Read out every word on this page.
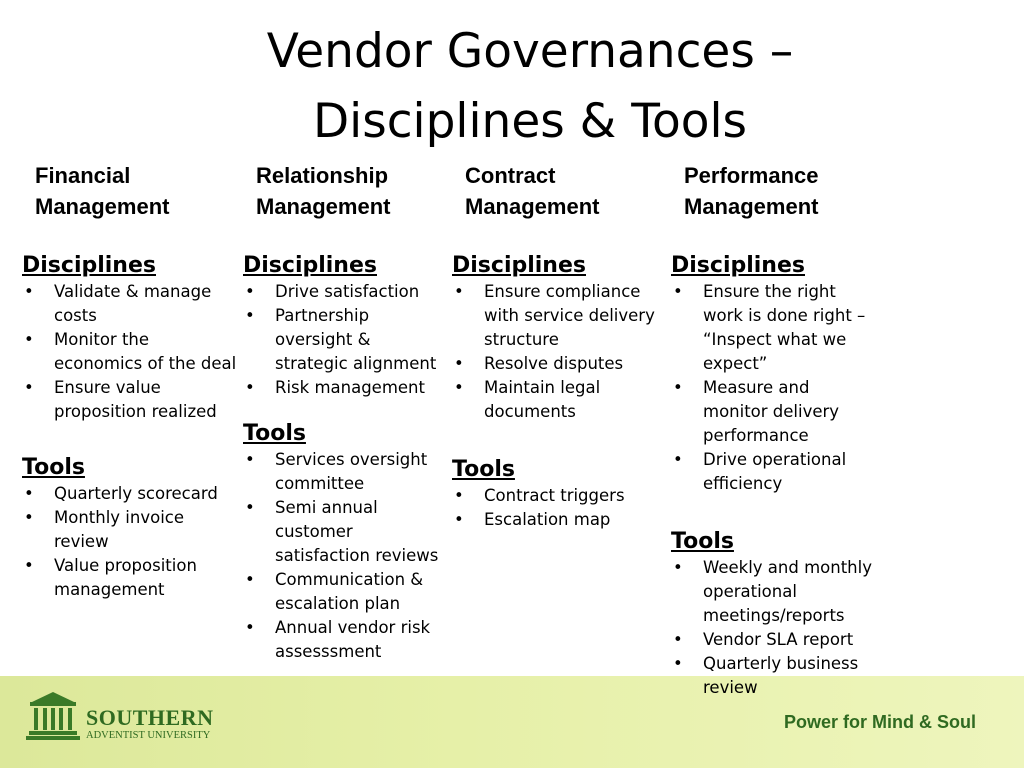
Vendor Governances –
Disciplines & Tools
Financial
Management
Relationship
Management
Contract
Management
Performance
Management
SOUTHERN
ADVENTIST UNIVERSITY
Power for Mind & Soul
Disciplines
• Validate & manage costs
• Monitor the economics of the deal
• Ensure value proposition realized
Tools
• Quarterly scorecard
• Monthly invoice review
• Value proposition management
Disciplines
• Drive satisfaction
• Partnership oversight & strategic alignment
• Risk management
Tools
• Services oversight committee
• Semi annual customer satisfaction reviews
• Communication & escalation plan
• Annual vendor risk assesssment
Disciplines
• Ensure compliance with service delivery structure
• Resolve disputes
• Maintain legal documents
Tools
• Contract triggers
• Escalation map
Disciplines
• Ensure the right work is done right – “Inspect what we expect”
• Measure and monitor delivery performance
• Drive operational efficiency
Tools
• Weekly and monthly operational meetings/reports
• Vendor SLA report
• Quarterly business review
